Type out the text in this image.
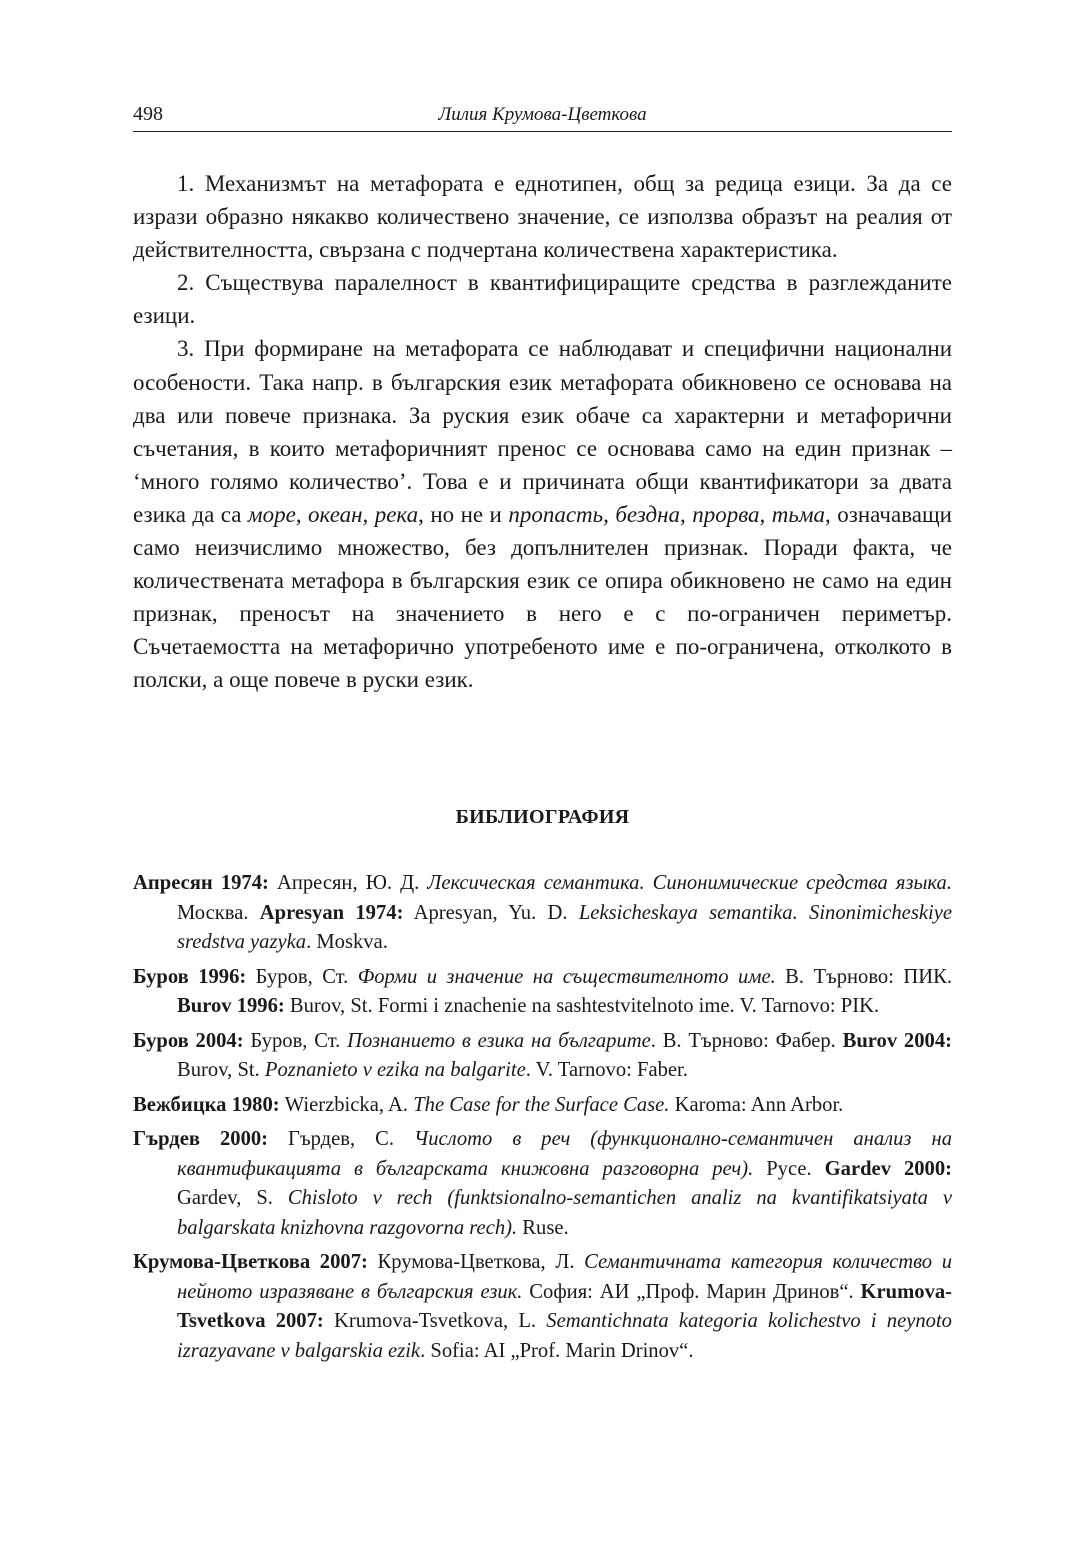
498	Лилия Крумова-Цветкова

1. Механизмът на метафората е еднотипен, общ за редица езици. За да се изрази образно някакво количествено значение, се използва образът на реалия от действителността, свързана с подчертана количествена характеристика.

2. Съществува паралелност в квантифициращите средства в разглежданите езици.

3. При формиране на метафората се наблюдават и специфични национални особености. Така напр. в българския език метафората обикновено се основава на два или повече признака. За руския език обаче са характерни и метафорични съчетания, в които метафоричният пренос се основава само на един признак – ‘много голямо количество’. Това е и причината общи квантификатори за двата езика да са море, океан, река, но не и пропасть, бездна, прорва, тьма, означаващи само неизчислимо множество, без допълнителен признак. Поради факта, че количествената метафора в българския език се опира обикновено не само на един признак, преносът на значението в него е с по-ограничен периметър. Съчетаемостта на метафорично употребеното име е по-ограничена, отколкото в полски, а още повече в руски език.

БИБЛИОГРАФИЯ

Апресян 1974: Апресян, Ю. Д. Лексическая семантика. Синонимические средства языка. Москва. Apresyan 1974: Apresyan, Yu. D. Leksicheskaya semantika. Sinonimicheskiye sredstva yazyka. Moskva.

Буров 1996: Буров, Ст. Форми и значение на съществителното име. В. Търново: ПИК. Burov 1996: Burov, St. Formi i znachenie na sashtestvitelnoto ime. V. Tarnovo: PIK.

Буров 2004: Буров, Ст. Познанието в езика на българите. В. Търново: Фабер. Burov 2004: Burov, St. Poznanieto v ezika na balgarite. V. Tarnovo: Faber.

Вежбицка 1980: Wierzbicka, A. The Case for the Surface Case. Karoma: Ann Arbor.

Гърдев 2000: Гърдев, С. Числото в реч (функционално-семантичен анализ на квантификацията в българската книжовна разговорна реч). Русе. Gardev 2000: Gardev, S. Chisloto v rech (funktsionalno-semantichen analiz na kvantifikatsiyata v balgarskata knizhovna razgovorna rech). Ruse.

Крумова-Цветкова 2007: Крумова-Цветкова, Л. Семантичната категория количество и нейното изразяване в българския език. София: АИ „Проф. Марин Дринов“. Krumova-Tsvetkova 2007: Krumova-Tsvetkova, L. Semantichnata kategoria kolichestvo i neynoto izrazyavane v balgarskia ezik. Sofia: AI „Prof. Marin Drinov“.
